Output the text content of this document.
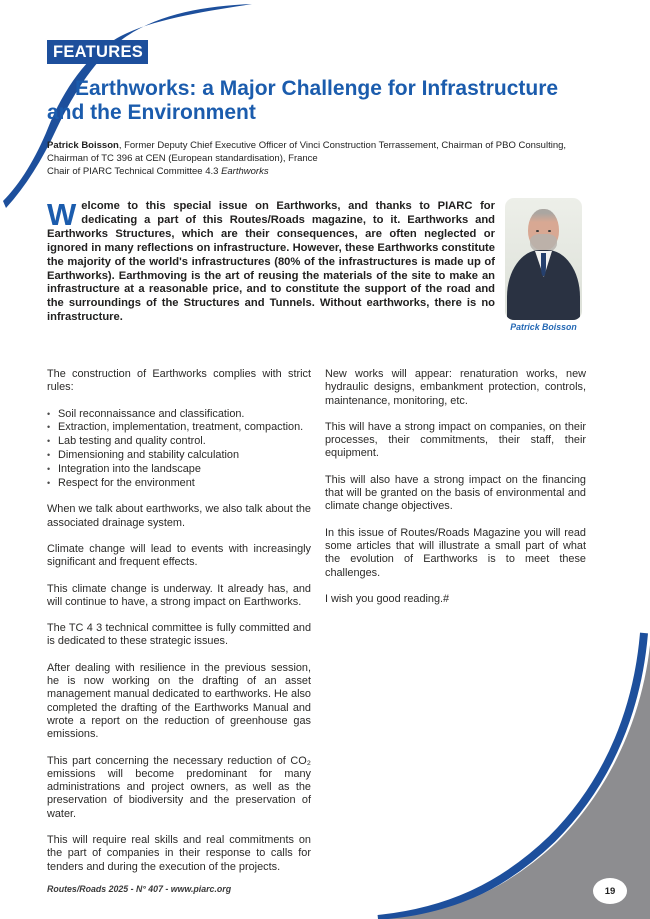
FEATURES
Earthworks: a Major Challenge for Infrastructure
and the Environment
Patrick Boisson, Former Deputy Chief Executive Officer of Vinci Construction Terrassement, Chairman of PBO Consulting,
Chairman of TC 396 at CEN (European standardisation), France
Chair of PIARC Technical Committee 4.3 Earthworks
Welcome to this special issue on Earthworks, and thanks to PIARC for dedicating a part of this Routes/Roads magazine, to it. Earthworks and Earthworks Structures, which are their consequences, are often neglected or ignored in many reflections on infrastructure. However, these Earthworks constitute the majority of the world's infrastructures (80% of the infrastructures is made up of Earthworks). Earthmoving is the art of reusing the materials of the site to make an infrastructure at a reasonable price, and to constitute the support of the road and the surroundings of the Structures and Tunnels. Without earthworks, there is no infrastructure.
Patrick Boisson

The construction of Earthworks complies with strict rules:

• Soil reconnaissance and classification.
• Extraction, implementation, treatment, compaction.
• Lab testing and quality control.
• Dimensioning and stability calculation
• Integration into the landscape
• Respect for the environment

When we talk about earthworks, we also talk about the associated drainage system.

Climate change will lead to events with increasingly significant and frequent effects.

This climate change is underway. It already has, and will continue to have, a strong impact on Earthworks.

The TC 4 3 technical committee is fully committed and is dedicated to these strategic issues.

After dealing with resilience in the previous session, he is now working on the drafting of an asset management manual dedicated to earthworks. He also completed the drafting of the Earthworks Manual and wrote a report on the reduction of greenhouse gas emissions.

This part concerning the necessary reduction of CO₂ emissions will become predominant for many administrations and project owners, as well as the preservation of biodiversity and the preservation of water.

This will require real skills and real commitments on the part of companies in their response to calls for tenders and during the execution of the projects.

New works will appear: renaturation works, new hydraulic designs, embankment protection, controls, maintenance, monitoring, etc.

This will have a strong impact on companies, on their processes, their commitments, their staff, their equipment.

This will also have a strong impact on the financing that will be granted on the basis of environmental and climate change objectives.

In this issue of Routes/Roads Magazine you will read some articles that will illustrate a small part of what the evolution of Earthworks is to meet these challenges.

I wish you good reading.#

Routes/Roads 2025 - N° 407 - www.piarc.org	19
